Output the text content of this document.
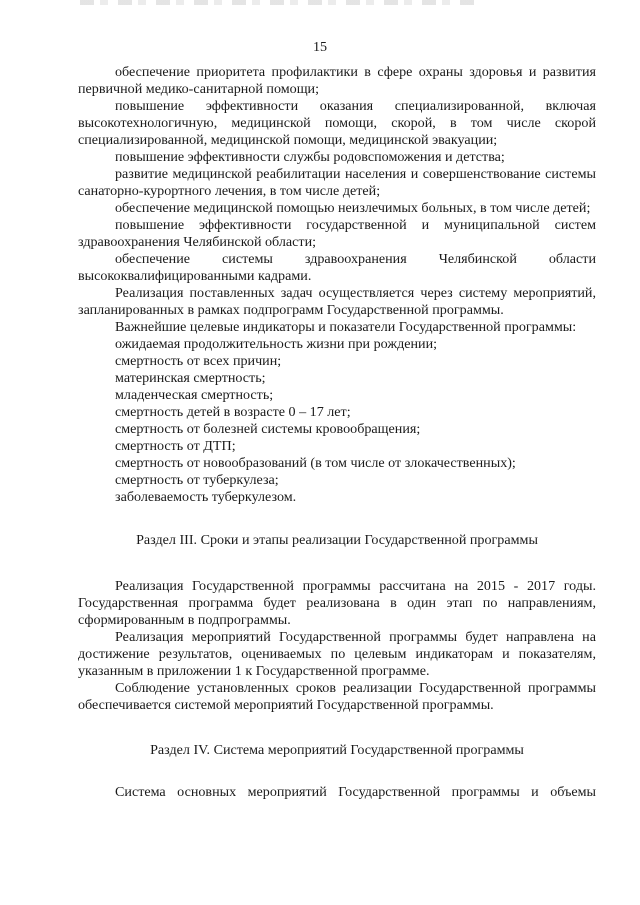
15

обеспечение приоритета профилактики в сфере охраны здоровья и развития первичной медико-санитарной помощи;

повышение эффективности оказания специализированной, включая высокотехнологичную, медицинской помощи, скорой, в том числе скорой специализированной, медицинской помощи, медицинской эвакуации;

повышение эффективности службы родовспоможения и детства;

развитие медицинской реабилитации населения и совершенствование системы санаторно-курортного лечения, в том числе детей;

обеспечение медицинской помощью неизлечимых больных, в том числе детей;

повышение эффективности государственной и муниципальной систем здравоохранения Челябинской области;

обеспечение системы здравоохранения Челябинской области высококвалифицированными кадрами.

Реализация поставленных задач осуществляется через систему мероприятий, запланированных в рамках подпрограмм Государственной программы.

Важнейшие целевые индикаторы и показатели Государственной программы:

ожидаемая продолжительность жизни при рождении;

смертность от всех причин;

материнская смертность;

младенческая смертность;

смертность детей в возрасте 0 – 17 лет;

смертность от болезней системы кровообращения;

смертность от ДТП;

смертность от новообразований (в том числе от злокачественных);

смертность от туберкулеза;

заболеваемость туберкулезом.

Раздел III. Сроки и этапы реализации Государственной программы

Реализация Государственной программы рассчитана на 2015 - 2017 годы. Государственная программа будет реализована в один этап по направлениям, сформированным в подпрограммы.

Реализация мероприятий Государственной программы будет направлена на достижение результатов, оцениваемых по целевым индикаторам и показателям, указанным в приложении 1 к Государственной программе.

Соблюдение установленных сроков реализации Государственной программы обеспечивается системой мероприятий Государственной программы.

Раздел IV. Система мероприятий Государственной программы

Система основных мероприятий Государственной программы и объемы
